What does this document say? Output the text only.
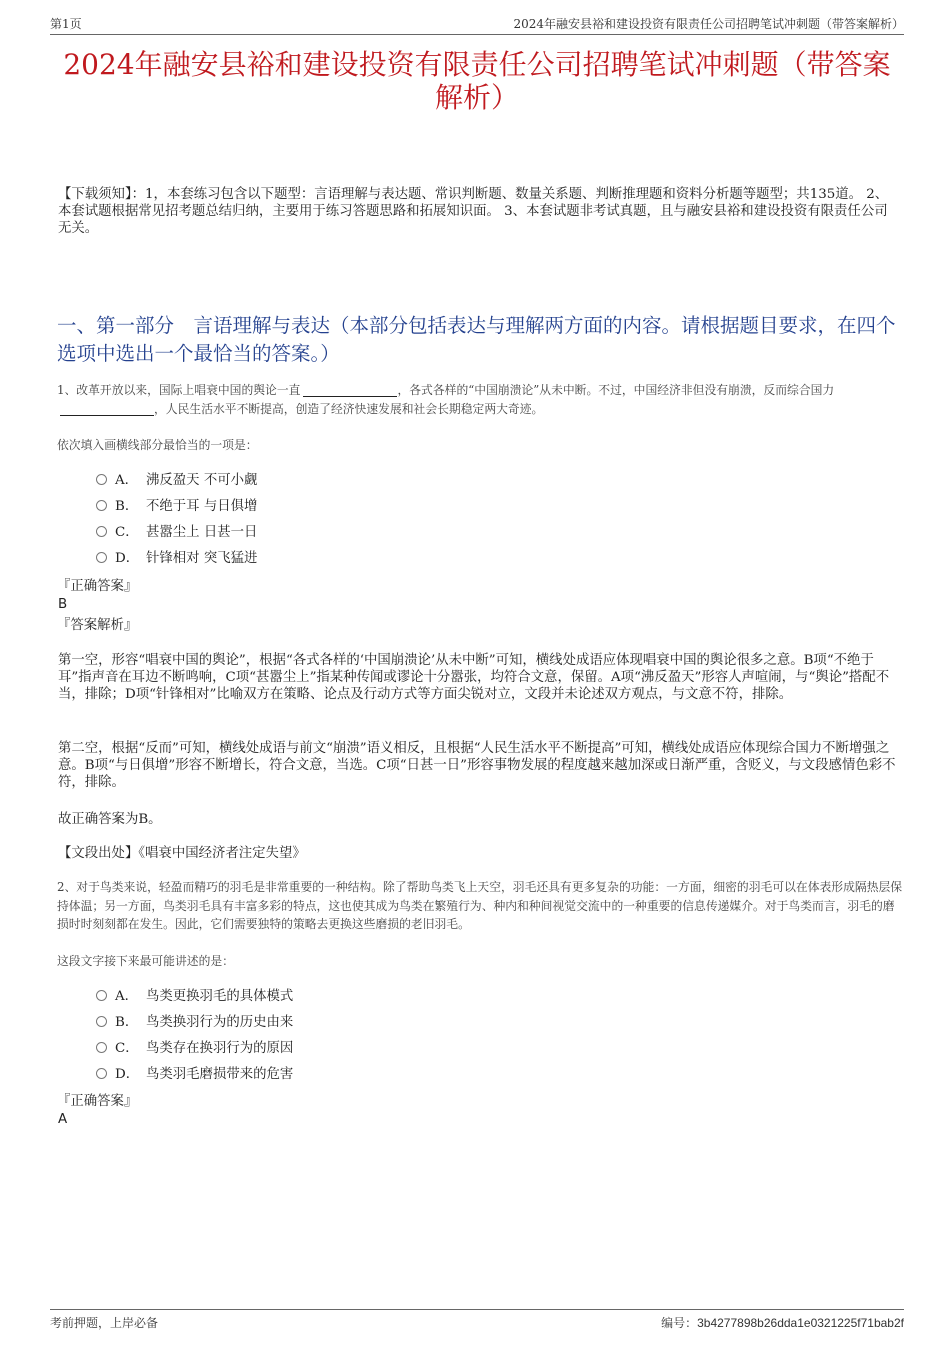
第1页	2024年融安县裕和建设投资有限责任公司招聘笔试冲刺题（带答案解析）
2024年融安县裕和建设投资有限责任公司招聘笔试冲刺题（带答案解析）
【下载须知】：1，本套练习包含以下题型：言语理解与表达题、常识判断题、数量关系题、判断推理题和资料分析题等题型；共135道。 2、本套试题根据常见招考题总结归纳，主要用于练习答题思路和拓展知识面。 3、本套试题非考试真题，且与融安县裕和建设投资有限责任公司无关。
一、第一部分　言语理解与表达（本部分包括表达与理解两方面的内容。请根据题目要求，在四个选项中选出一个最恰当的答案。）
1、改革开放以来，国际上唱衰中国的舆论一直	，各式各样的“中国崩溃论”从未中断。不过，中国经济非但没有崩溃，反而综合国力，人民生活水平不断提高，创造了经济快速发展和社会长期稳定两大奇迹。
依次填入画横线部分最恰当的一项是：
A． 沸反盈天 不可小觑
B． 不绝于耳 与日俱增
C． 甚嚣尘上 日甚一日
D． 针锋相对 突飞猛进
『正确答案』
B
『答案解析』
第一空，形容“唱衰中国的舆论”，根据“各式各样的‘中国崩溃论’从未中断”可知，横线处成语应体现唱衰中国的舆论很多之意。B项“不绝于耳”指声音在耳边不断鸣响，C项“甚嚣尘上”指某种传闻或谬论十分嚣张，均符合文意，保留。A项“沸反盈天”形容人声喧闹，与“舆论”搭配不当，排除；D项“针锋相对”比喻双方在策略、论点及行动方式等方面尖锐对立，文段并未论述双方观点，与文意不符，排除。
第二空，根据“反而”可知，横线处成语与前文“崩溃”语义相反，且根据“人民生活水平不断提高”可知，横线处成语应体现综合国力不断增强之意。B项“与日俱增”形容不断增长，符合文意，当选。C项“日甚一日”形容事物发展的程度越来越加深或日渐严重，含贬义，与文段感情色彩不符，排除。
故正确答案为B。
【文段出处】《唱衰中国经济者注定失望》
2、对于鸟类来说，轻盈而精巧的羽毛是非常重要的一种结构。除了帮助鸟类飞上天空，羽毛还具有更多复杂的功能：一方面，细密的羽毛可以在体表形成隔热层保持体温；另一方面，鸟类羽毛具有丰富多彩的特点，这也使其成为鸟类在繁殖行为、种内和种间视觉交流中的一种重要的信息传递媒介。对于鸟类而言，羽毛的磨损时时刻刻都在发生。因此，它们需要独特的策略去更换这些磨损的老旧羽毛。
这段文字接下来最可能讲述的是：
A． 鸟类更换羽毛的具体模式
B． 鸟类换羽行为的历史由来
C． 鸟类存在换羽行为的原因
D． 鸟类羽毛磨损带来的危害
『正确答案』
A
考前押题，上岸必备	编号：3b4277898b26dda1e0321225f71bab2f
